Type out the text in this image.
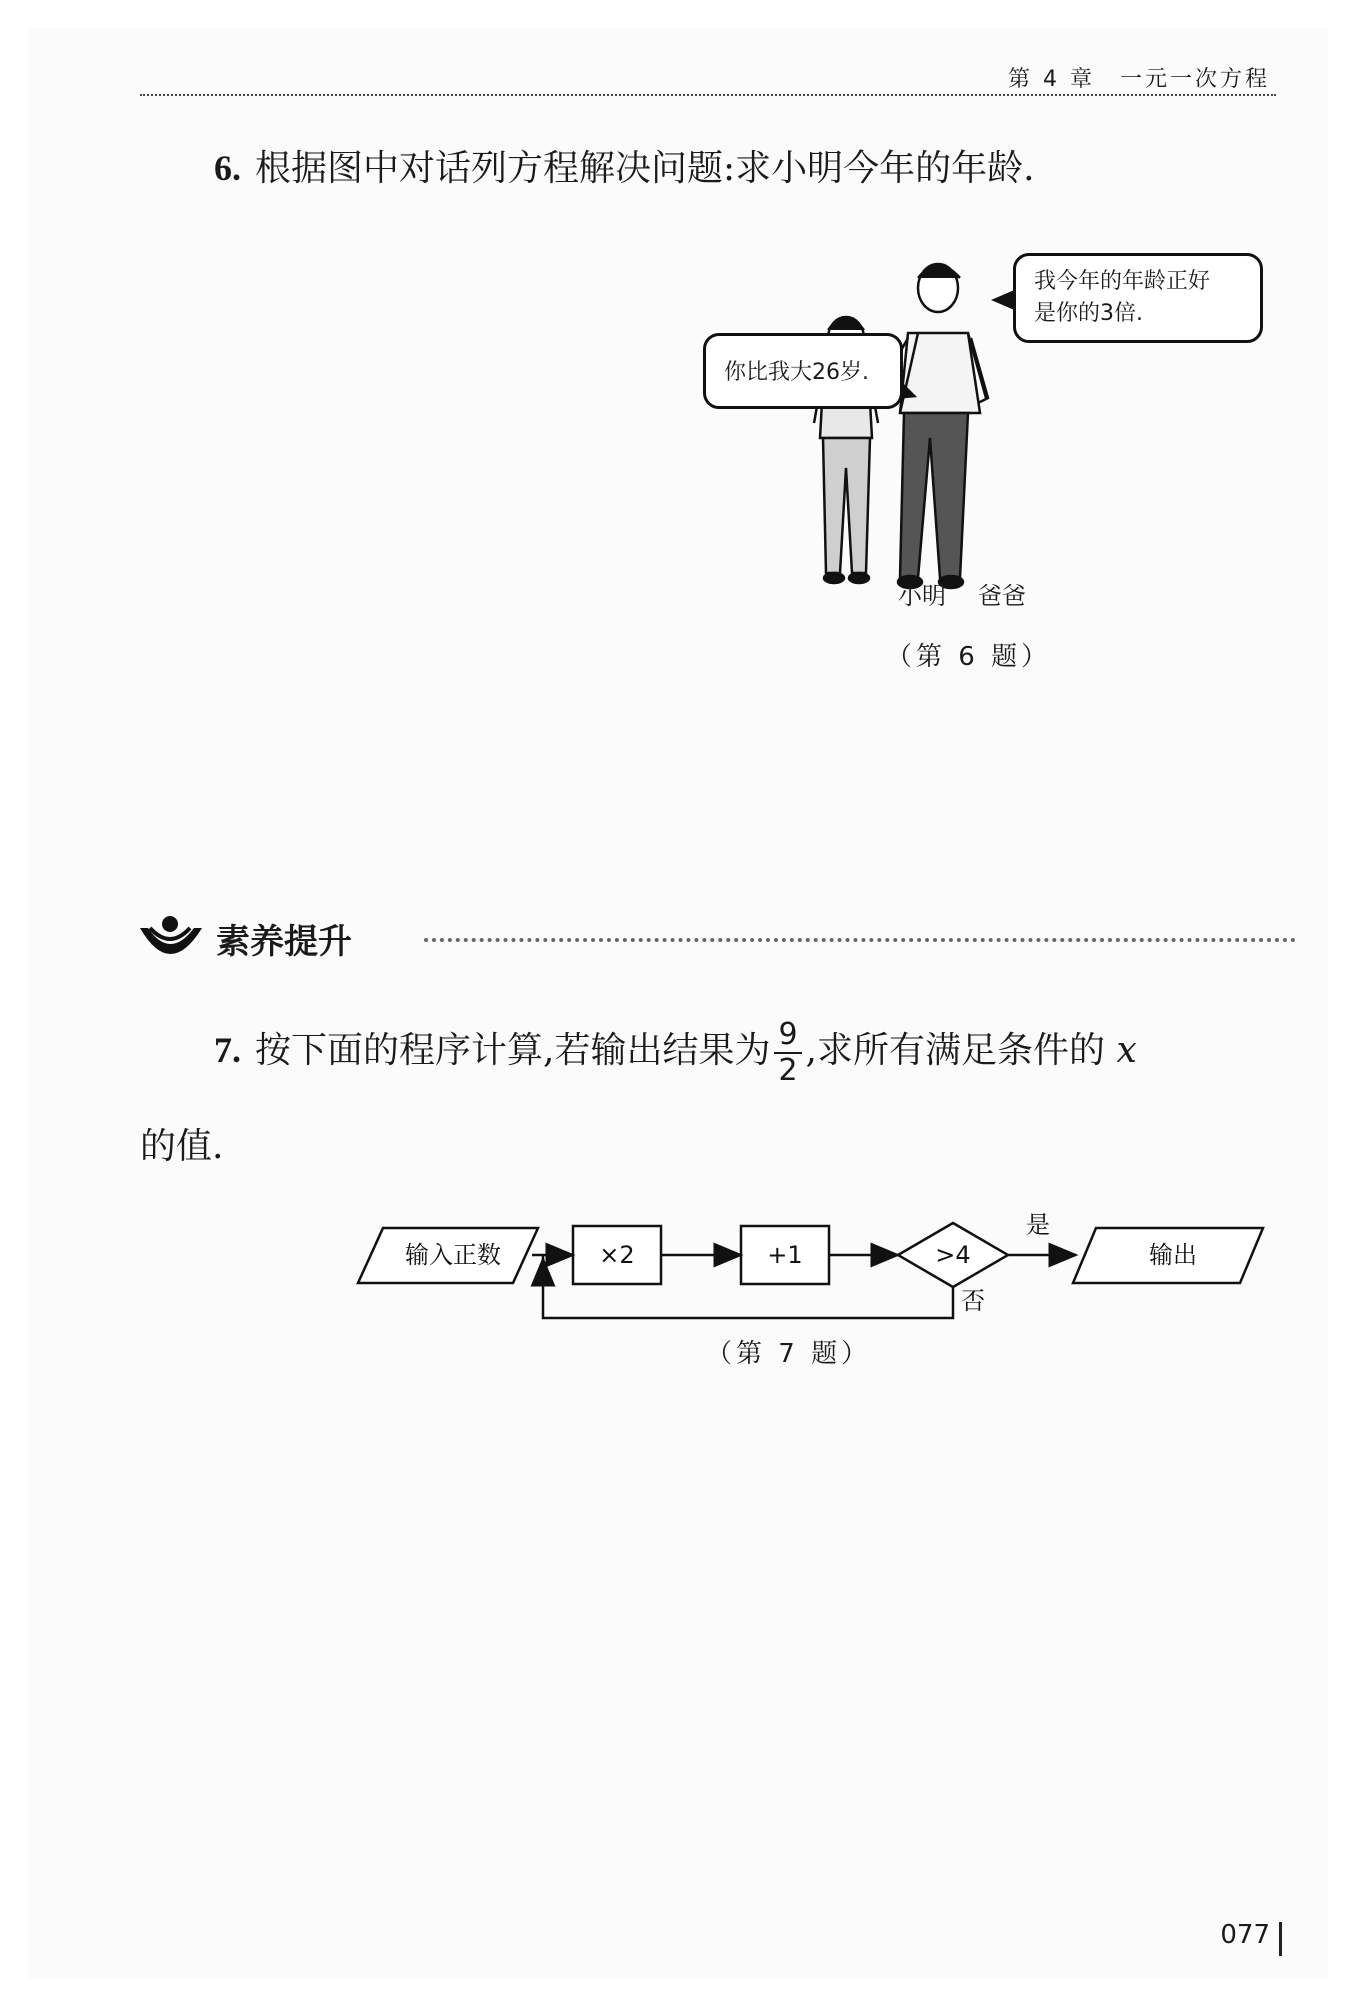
第 4 章　一元一次方程
6. 根据图中对话列方程解决问题:求小明今年的年龄.
我今年的年龄正好
是你的3倍.
你比我大26岁.
小明 爸爸
（第 6 题）
素养提升
7. 按下面的程序计算,若输出结果为 $\frac{9}{2}$ ,求所有满足条件的 x
的值.
输入正数	×2	+1	>4
是
否
输出
（第 7 题）
077
